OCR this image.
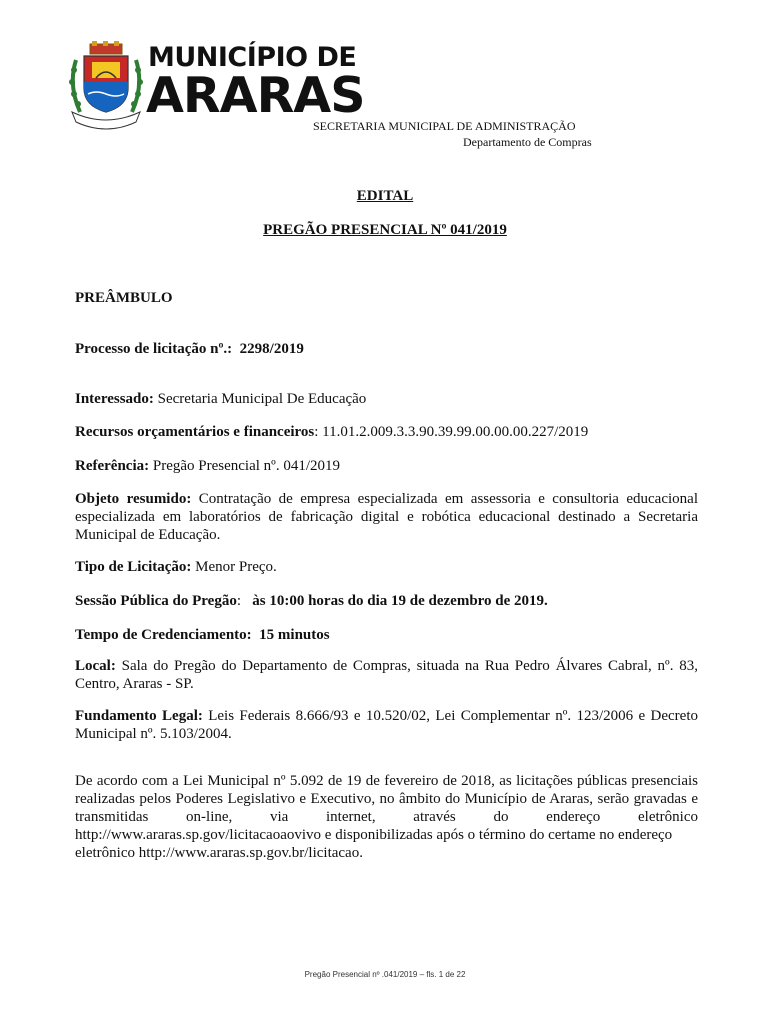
MUNICÍPIO DE
ARARAS
SECRETARIA MUNICIPAL DE ADMINISTRAÇÃO
Departamento de Compras
EDITAL
PREGÃO PRESENCIAL Nº 041/2019
PREÂMBULO
Processo de licitação nº.: 2298/2019
Interessado: Secretaria Municipal De Educação
Recursos orçamentários e financeiros: 11.01.2.009.3.3.90.39.99.00.00.00.227/2019
Referência: Pregão Presencial nº. 041/2019
Objeto resumido: Contratação de empresa especializada em assessoria e consultoria educacional especializada em laboratórios de fabricação digital e robótica educacional destinado a Secretaria Municipal de Educação.
Tipo de Licitação: Menor Preço.
Sessão Pública do Pregão: às 10:00 horas do dia 19 de dezembro de 2019.
Tempo de Credenciamento: 15 minutos
Local: Sala do Pregão do Departamento de Compras, situada na Rua Pedro Álvares Cabral, nº. 83, Centro, Araras - SP.
Fundamento Legal: Leis Federais 8.666/93 e 10.520/02, Lei Complementar nº. 123/2006 e Decreto Municipal nº. 5.103/2004.
De acordo com a Lei Municipal nº 5.092 de 19 de fevereiro de 2018, as licitações públicas presenciais realizadas pelos Poderes Legislativo e Executivo, no âmbito do Município de Araras, serão gravadas e transmitidas on-line, via internet, através do endereço eletrônico
http://www.araras.sp.gov/licitacaoaovivo e disponibilizadas após o término do certame no endereço eletrônico http://www.araras.sp.gov.br/licitacao.
Pregão Presencial nº .041/2019 – fls. 1 de 22
